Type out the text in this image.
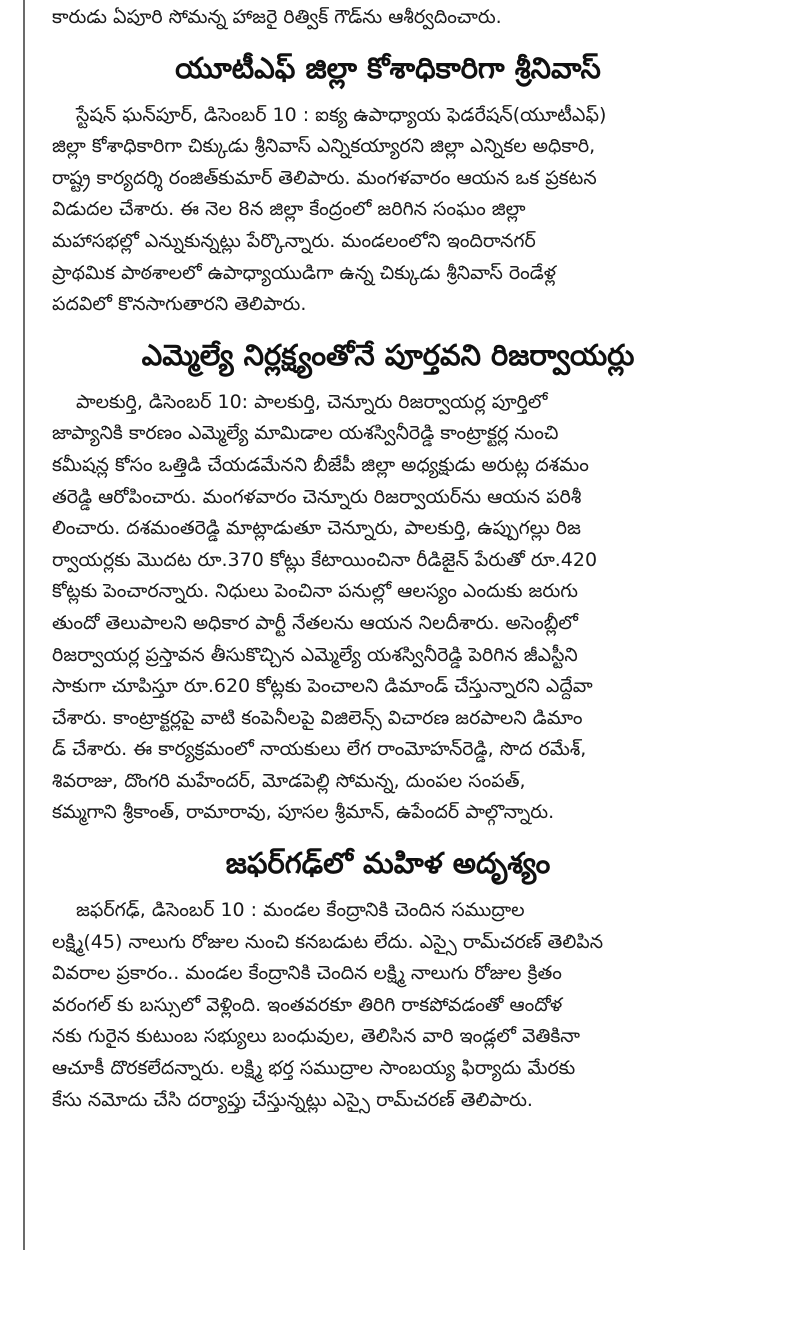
కారుడు ఏపూరి సోమన్న హాజరై రిత్విక్ గౌడ్‌ను ఆశీర్వదించారు.
యూటీఎఫ్ జిల్లా కోశాధికారిగా శ్రీనివాస్
స్టేషన్ ఘన్‌పూర్, డిసెంబర్ 10 : ఐక్య ఉపాధ్యాయ ఫెడరేషన్(యూటీఎఫ్)
జిల్లా కోశాధికారిగా చిక్కుడు శ్రీనివాస్ ఎన్నికయ్యారని జిల్లా ఎన్నికల అధికారి,
రాష్ట్ర కార్యదర్శి రంజిత్‌కుమార్ తెలిపారు. మంగళవారం ఆయన ఒక ప్రకటన
విడుదల చేశారు. ఈ నెల 8న జిల్లా కేంద్రంలో జరిగిన సంఘం జిల్లా
మహాసభల్లో ఎన్నుకున్నట్లు పేర్కొన్నారు. మండలంలోని ఇందిరానగర్
ప్రాథమిక పాఠశాలలో ఉపాధ్యాయుడిగా ఉన్న చిక్కుడు శ్రీనివాస్ రెండేళ్ల
పదవిలో కొనసాగుతారని తెలిపారు.
ఎమ్మెల్యే నిర్లక్ష్యంతోనే పూర్తవని రిజర్వాయర్లు
పాలకుర్తి, డిసెంబర్ 10: పాలకుర్తి, చెన్నూరు రిజర్వాయర్ల పూర్తిలో
జాప్యానికి కారణం ఎమ్మెల్యే మామిడాల యశస్వినీరెడ్డి కాంట్రాక్టర్ల నుంచి
కమీషన్ల కోసం ఒత్తిడి చేయడమేనని బీజేపీ జిల్లా అధ్యక్షుడు అరుట్ల దశమం
తరెడ్డి ఆరోపించారు. మంగళవారం చెన్నూరు రిజర్వాయర్‌ను ఆయన పరిశీ
లించారు. దశమంతరెడ్డి మాట్లాడుతూ చెన్నూరు, పాలకుర్తి, ఉప్పుగల్లు రిజ
ర్వాయర్లకు మొదట రూ.370 కోట్లు కేటాయించినా రీడిజైన్ పేరుతో రూ.420
కోట్లకు పెంచారన్నారు. నిధులు పెంచినా పనుల్లో ఆలస్యం ఎందుకు జరుగు
తుందో తెలుపాలని అధికార పార్టీ నేతలను ఆయన నిలదీశారు. అసెంబ్లీలో
రిజర్వాయర్ల ప్రస్తావన తీసుకొచ్చిన ఎమ్మెల్యే యశస్వినీరెడ్డి పెరిగిన జీఎస్టీని
సాకుగా చూపిస్తూ రూ.620 కోట్లకు పెంచాలని డిమాండ్ చేస్తున్నారని ఎద్దేవా
చేశారు. కాంట్రాక్టర్లపై వాటి కంపెనీలపై విజిలెన్స్ విచారణ జరపాలని డిమాం
డ్ చేశారు. ఈ కార్యక్రమంలో నాయకులు లేగ రాంమోహన్‌రెడ్డి, సొద రమేశ్,
శివరాజు, దొంగరి మహేందర్, మోడపెల్లి సోమన్న, దుంపల సంపత్,
కమ్మగాని శ్రీకాంత్, రామారావు, పూసల శ్రీమాన్, ఉపేందర్ పాల్గొన్నారు.
జఫర్‌గఢ్‌లో మహిళ అదృశ్యం
జఫర్‌గఢ్, డిసెంబర్ 10 : మండల కేంద్రానికి చెందిన సముద్రాల
లక్ష్మి(45) నాలుగు రోజుల నుంచి కనబడుట లేదు. ఎస్సై రామ్‌చరణ్ తెలిపిన
వివరాల ప్రకారం.. మండల కేంద్రానికి చెందిన లక్ష్మి నాలుగు రోజుల క్రితం
వరంగల్ కు బస్సులో వెళ్లింది. ఇంతవరకూ తిరిగి రాకపోవడంతో ఆందోళ
నకు గురైన కుటుంబ సభ్యులు బంధువుల, తెలిసిన వారి ఇండ్లలో వెతికినా
ఆచూకీ దొరకలేదన్నారు. లక్ష్మి భర్త సముద్రాల సాంబయ్య ఫిర్యాదు మేరకు
కేసు నమోదు చేసి దర్యాప్తు చేస్తున్నట్లు ఎస్సై రామ్‌చరణ్ తెలిపారు.
